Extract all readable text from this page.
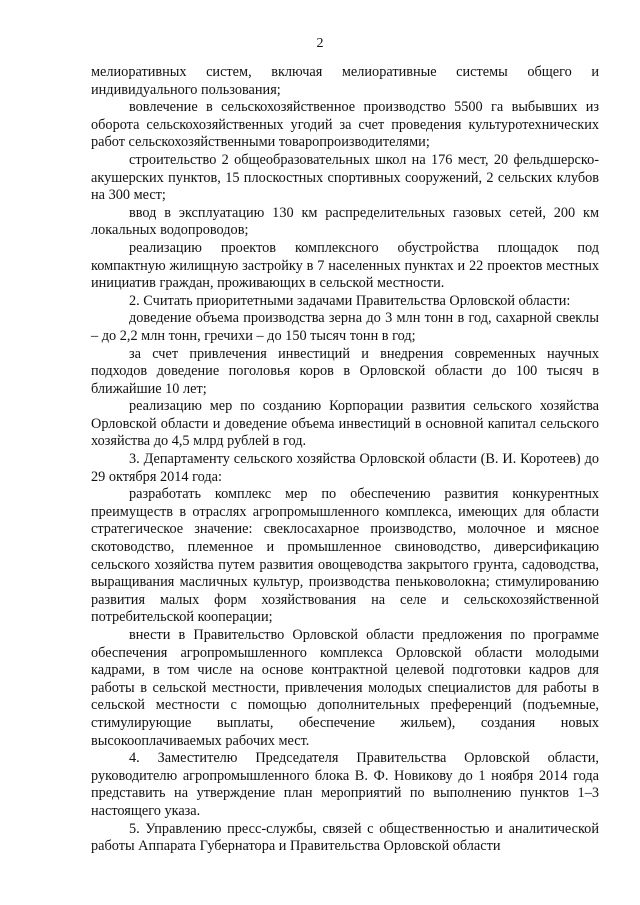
2

мелиоративных систем, включая мелиоративные системы общего и индивидуального пользования;

вовлечение в сельскохозяйственное производство 5500 га выбывших из оборота сельскохозяйственных угодий за счет проведения культуротехнических работ сельскохозяйственными товаропроизводителями;

строительство 2 общеобразовательных школ на 176 мест, 20 фельдшерско-акушерских пунктов, 15 плоскостных спортивных сооружений, 2 сельских клубов на 300 мест;

ввод в эксплуатацию 130 км распределительных газовых сетей, 200 км локальных водопроводов;

реализацию проектов комплексного обустройства площадок под компактную жилищную застройку в 7 населенных пунктах и 22 проектов местных инициатив граждан, проживающих в сельской местности.

2. Считать приоритетными задачами Правительства Орловской области:

доведение объема производства зерна до 3 млн тонн в год, сахарной свеклы – до 2,2 млн тонн, гречихи – до 150 тысяч тонн в год;

за счет привлечения инвестиций и внедрения современных научных подходов доведение поголовья коров в Орловской области до 100 тысяч в ближайшие 10 лет;

реализацию мер по созданию Корпорации развития сельского хозяйства Орловской области и доведение объема инвестиций в основной капитал сельского хозяйства до 4,5 млрд рублей в год.

3. Департаменту сельского хозяйства Орловской области (В. И. Коротеев) до 29 октября 2014 года:

разработать комплекс мер по обеспечению развития конкурентных преимуществ в отраслях агропромышленного комплекса, имеющих для области стратегическое значение: свеклосахарное производство, молочное и мясное скотоводство, племенное и промышленное свиноводство, диверсификацию сельского хозяйства путем развития овощеводства закрытого грунта, садоводства, выращивания масличных культур, производства пеньковолокна; стимулированию развития малых форм хозяйствования на селе и сельскохозяйственной потребительской кооперации;

внести в Правительство Орловской области предложения по программе обеспечения агропромышленного комплекса Орловской области молодыми кадрами, в том числе на основе контрактной целевой подготовки кадров для работы в сельской местности, привлечения молодых специалистов для работы в сельской местности с помощью дополнительных преференций (подъемные, стимулирующие выплаты, обеспечение жильем), создания новых высокооплачиваемых рабочих мест.

4. Заместителю Председателя Правительства Орловской области, руководителю агропромышленного блока В. Ф. Новикову до 1 ноября 2014 года представить на утверждение план мероприятий по выполнению пунктов 1–3 настоящего указа.

5. Управлению пресс-службы, связей с общественностью и аналитической работы Аппарата Губернатора и Правительства Орловской области
